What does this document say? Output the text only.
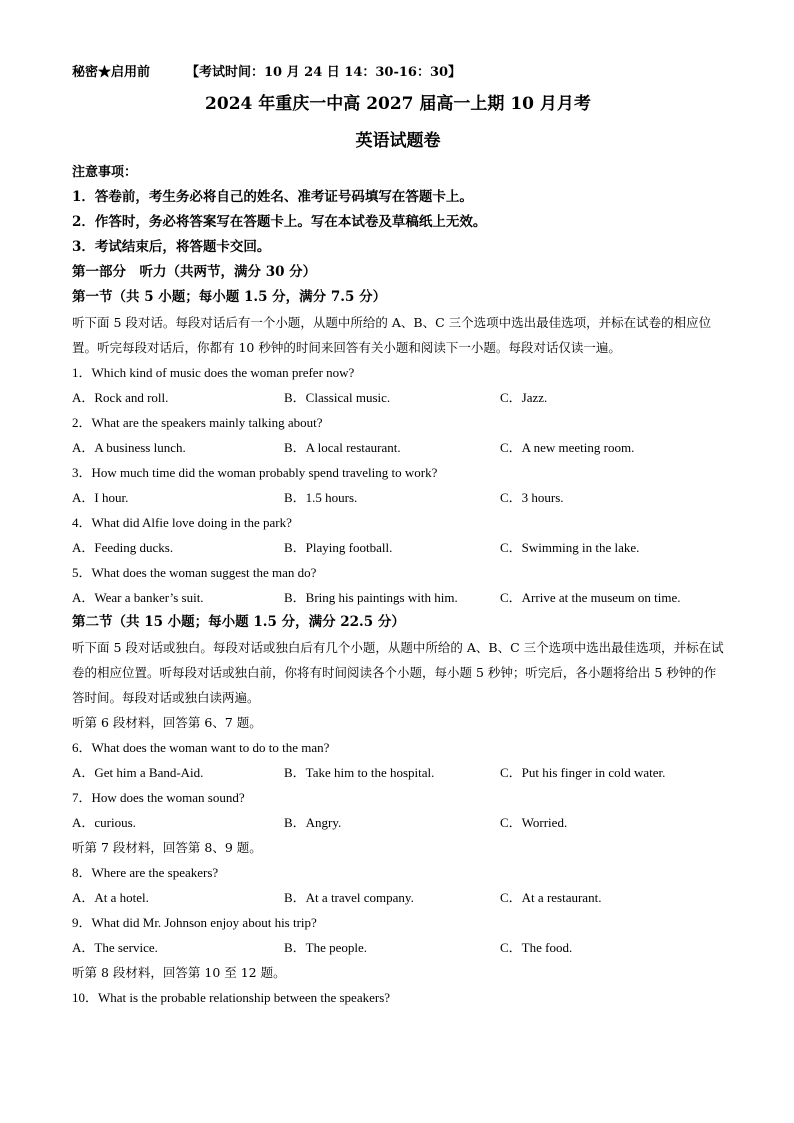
秘密★启用前	【考试时间：10 月 24 日 14：30-16：30】
2024 年重庆一中高 2027 届高一上期 10 月月考
英语试题卷
注意事项：
1．答卷前，考生务必将自己的姓名、准考证号码填写在答题卡上。
2．作答时，务必将答案写在答题卡上。写在本试卷及草稿纸上无效。
3．考试结束后，将答题卡交回。
第一部分　听力（共两节，满分 30 分）
第一节（共 5 小题；每小题 1.5 分，满分 7.5 分）
听下面 5 段对话。每段对话后有一个小题，从题中所给的 A、B、C 三个选项中选出最佳选项，并标在试卷的相应位置。听完每段对话后，你都有 10 秒钟的时间来回答有关小题和阅读下一小题。每段对话仅读一遍。
1．Which kind of music does the woman prefer now?
A．Rock and roll.	B．Classical music.	C．Jazz.
2．What are the speakers mainly talking about?
A．A business lunch.	B．A local restaurant.	C．A new meeting room.
3．How much time did the woman probably spend traveling to work?
A．I hour.	B．1.5 hours.	C．3 hours.
4．What did Alfie love doing in the park?
A．Feeding ducks.	B．Playing football.	C．Swimming in the lake.
5．What does the woman suggest the man do?
A．Wear a banker’s suit.	B．Bring his paintings with him.	C．Arrive at the museum on time.
第二节（共 15 小题；每小题 1.5 分，满分 22.5 分）
听下面 5 段对话或独白。每段对话或独白后有几个小题，从题中所给的 A、B、C 三个选项中选出最佳选项，并标在试卷的相应位置。听每段对话或独白前，你将有时间阅读各个小题，每小题 5 秒钟；听完后，各小题将给出 5 秒钟的作答时间。每段对话或独白读两遍。
听第 6 段材料，回答第 6、7 题。
6．What does the woman want to do to the man?
A．Get him a Band-Aid.	B．Take him to the hospital.	C．Put his finger in cold water.
7．How does the woman sound?
A．curious.	B．Angry.	C．Worried.
听第 7 段材料，回答第 8、9 题。
8．Where are the speakers?
A．At a hotel.	B．At a travel company.	C．At a restaurant.
9．What did Mr. Johnson enjoy about his trip?
A．The service.	B．The people.	C．The food.
听第 8 段材料，回答第 10 至 12 题。
10．What is the probable relationship between the speakers?
